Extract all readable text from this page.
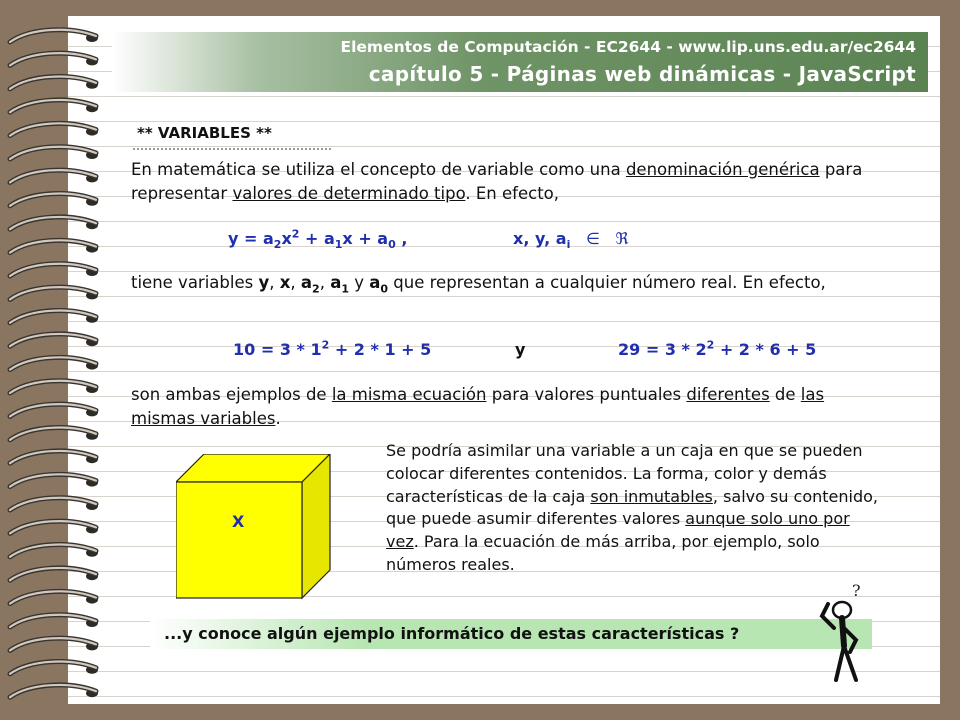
Elementos de Computación - EC2644 - www.lip.uns.edu.ar/ec2644
capítulo 5 - Páginas web dinámicas - JavaScript
** VARIABLES **
En matemática se utiliza el concepto de variable como una denominación genérica para representar valores de determinado tipo. En efecto,
$y = a_2x^2 + a_1x + a_0$ ,	x, y, $a_i$ ∈ ℜ
tiene variables y, x, $a_2$, $a_1$ y $a_0$ que representan a cualquier número real. En efecto,
$10 = 3 * 1^2 + 2 * 1 + 5$	y	$29 = 3 * 2^2 + 2 * 6 + 5$
son ambas ejemplos de la misma ecuación para valores puntuales diferentes de las mismas variables.
X
Se podría asimilar una variable a un caja en que se pueden colocar diferentes contenidos. La forma, color y demás características de la caja son inmutables, salvo su contenido, que puede asumir diferentes valores aunque solo uno por vez. Para la ecuación de más arriba, por ejemplo, solo números reales.
...y conoce algún ejemplo informático de estas características ?
?
